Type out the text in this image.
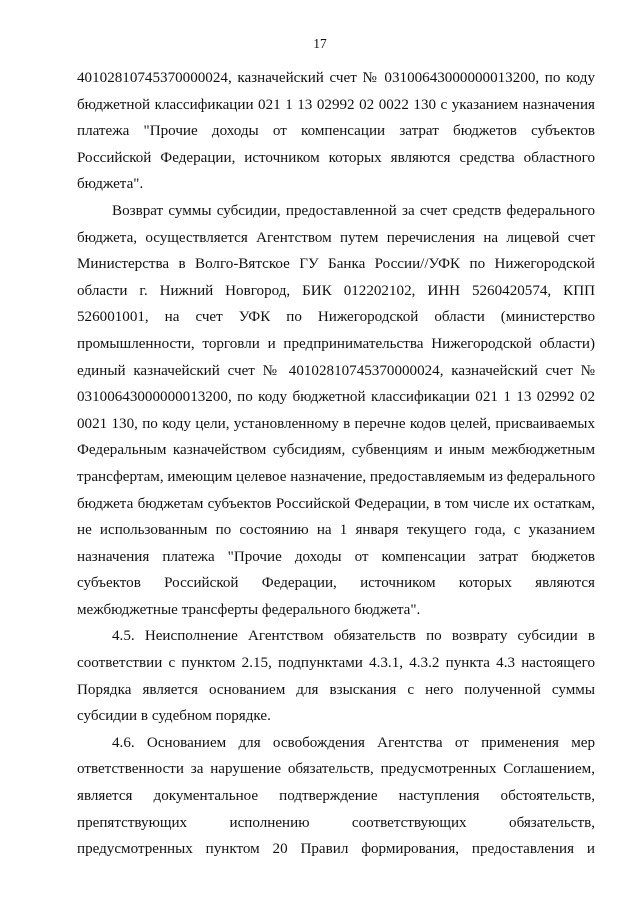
17
40102810745370000024, казначейский счет № 03100643000000013200, по коду
бюджетной классификации 021 1 13 02992 02 0022 130 с указанием назначения
платежа "Прочие доходы от компенсации затрат бюджетов субъектов
Российской Федерации, источником которых являются средства областного
бюджета".
Возврат суммы субсидии, предоставленной за счет средств федерального
бюджета, осуществляется Агентством путем перечисления на лицевой счет
Министерства в Волго-Вятское ГУ Банка России//УФК по Нижегородской
области г. Нижний Новгород, БИК 012202102, ИНН 5260420574, КПП
526001001, на счет УФК по Нижегородской области (министерство
промышленности, торговли и предпринимательства Нижегородской области)
единый казначейский счет № 40102810745370000024, казначейский счет №
03100643000000013200, по коду бюджетной классификации 021 1 13 02992 02
0021 130, по коду цели, установленному в перечне кодов целей, присваиваемых
Федеральным казначейством субсидиям, субвенциям и иным межбюджетным
трансфертам, имеющим целевое назначение, предоставляемым из федерального
бюджета бюджетам субъектов Российской Федерации, в том числе их остаткам,
не использованным по состоянию на 1 января текущего года, с указанием
назначения платежа "Прочие доходы от компенсации затрат бюджетов
субъектов Российской Федерации, источником которых являются
межбюджетные трансферты федерального бюджета".
4.5. Неисполнение Агентством обязательств по возврату субсидии в
соответствии с пунктом 2.15, подпунктами 4.3.1, 4.3.2 пункта 4.3 настоящего
Порядка является основанием для взыскания с него полученной суммы
субсидии в судебном порядке.
4.6. Основанием для освобождения Агентства от применения мер
ответственности за нарушение обязательств, предусмотренных Соглашением,
является документальное подтверждение наступления обстоятельств,
препятствующих исполнению соответствующих обязательств,
предусмотренных пунктом 20 Правил формирования, предоставления и
